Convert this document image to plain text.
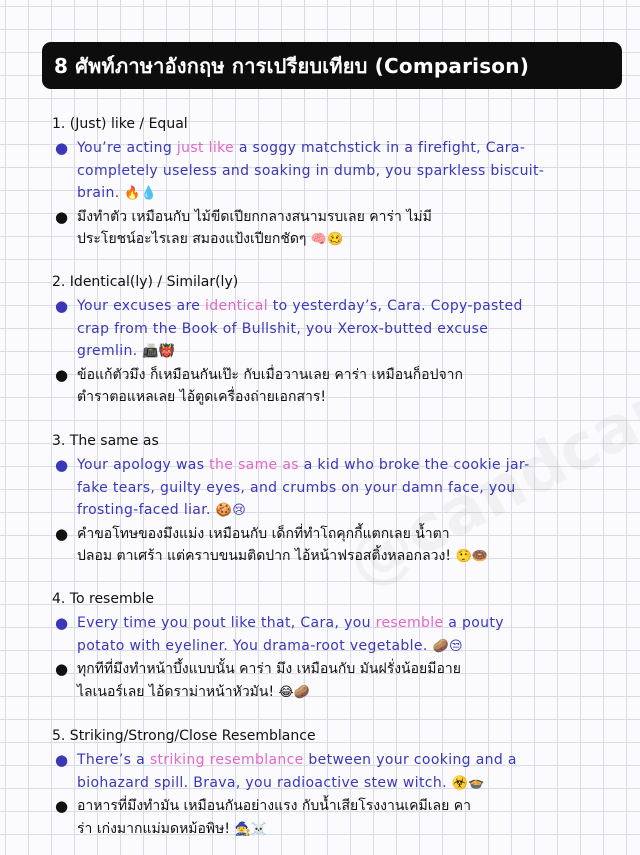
8 ศัพท์ภาษาอังกฤษ การเปรียบเทียบ (Comparison)
1. (Just) like / Equal
● You’re acting just like a soggy matchstick in a firefight, Cara-
completely useless and soaking in dumb, you sparkless biscuit-
brain. 🔥💧
● มึงทำตัว เหมือนกับ ไม้ขีดเปียกกลางสนามรบเลย คาร่า ไม่มี
ประโยชน์อะไรเลย สมองแป้งเปียกชัดๆ 🧠🥴
2. Identical(ly) / Similar(ly)
● Your excuses are identical to yesterday’s, Cara. Copy-pasted
crap from the Book of Bullshit, you Xerox-butted excuse
gremlin. 📠👹
● ข้อแก้ตัวมึง ก็เหมือนกันเป๊ะ กับเมื่อวานเลย คาร่า เหมือนก็อปจาก
ตำราตอแหลเลย ไอ้ตูดเครื่องถ่ายเอกสาร!
3. The same as
● Your apology was the same as a kid who broke the cookie jar-
fake tears, guilty eyes, and crumbs on your damn face, you
frosting-faced liar. 🍪😢
● คำขอโทษของมึงแม่ง เหมือนกับ เด็กที่ทำโถคุกกี้แตกเลย น้ำตา
ปลอม ตาเศร้า แต่คราบขนมติดปาก ไอ้หน้าฟรอสติ้งหลอกลวง! 🤥🍩
4. To resemble
● Every time you pout like that, Cara, you resemble a pouty
potato with eyeliner. You drama-root vegetable. 🥔😒
● ทุกทีที่มึงทำหน้าบึ้งแบบนั้น คาร่า มึง เหมือนกับ มันฝรั่งน้อยมีอาย
ไลเนอร์เลย ไอ้ดราม่าหน้าหัวมัน! 😂🥔
5. Striking/Strong/Close Resemblance
● There’s a striking resemblance between your cooking and a
biohazard spill. Brava, you radioactive stew witch. ☣️🍲
● อาหารที่มึงทำมัน เหมือนกันอย่างแรง กับน้ำเสียโรงงานเคมีเลย คา
ร่า เก่งมากแม่มดหม้อพิษ! 🧙‍♀️☠️
